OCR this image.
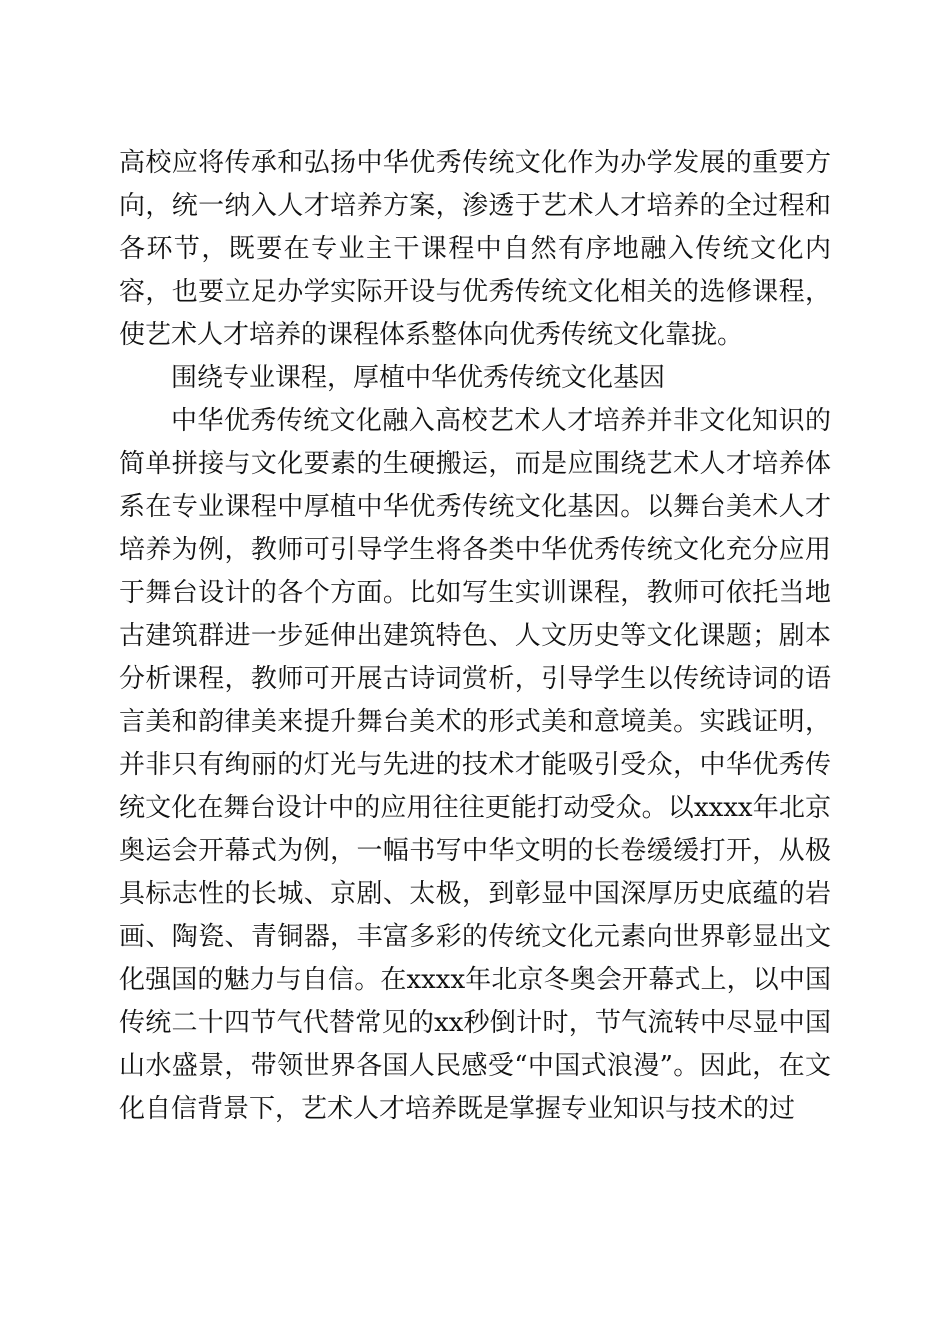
高校应将传承和弘扬中华优秀传统文化作为办学发展的重要方向，统一纳入人才培养方案，渗透于艺术人才培养的全过程和各环节，既要在专业主干课程中自然有序地融入传统文化内容，也要立足办学实际开设与优秀传统文化相关的选修课程，使艺术人才培养的课程体系整体向优秀传统文化靠拢。

围绕专业课程，厚植中华优秀传统文化基因

中华优秀传统文化融入高校艺术人才培养并非文化知识的简单拼接与文化要素的生硬搬运，而是应围绕艺术人才培养体系在专业课程中厚植中华优秀传统文化基因。以舞台美术人才培养为例，教师可引导学生将各类中华优秀传统文化充分应用于舞台设计的各个方面。比如写生实训课程，教师可依托当地古建筑群进一步延伸出建筑特色、人文历史等文化课题；剧本分析课程，教师可开展古诗词赏析，引导学生以传统诗词的语言美和韵律美来提升舞台美术的形式美和意境美。实践证明，并非只有绚丽的灯光与先进的技术才能吸引受众，中华优秀传统文化在舞台设计中的应用往往更能打动受众。以xxxx年北京奥运会开幕式为例，一幅书写中华文明的长卷缓缓打开，从极具标志性的长城、京剧、太极，到彰显中国深厚历史底蕴的岩画、陶瓷、青铜器，丰富多彩的传统文化元素向世界彰显出文化强国的魅力与自信。在xxxx年北京冬奥会开幕式上，以中国传统二十四节气代替常见的xx秒倒计时，节气流转中尽显中国山水盛景，带领世界各国人民感受“中国式浪漫”。因此，在文化自信背景下，艺术人才培养既是掌握专业知识与技术的过
